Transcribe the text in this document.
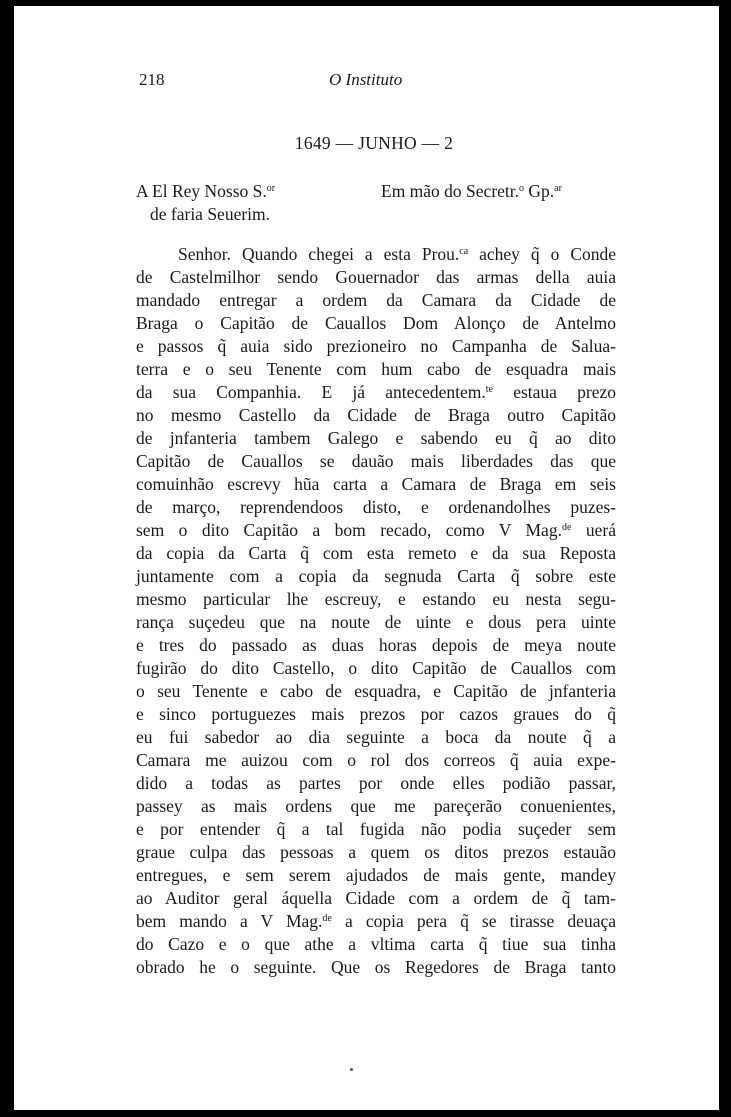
218	O Instituto
1649 — JUNHO — 2
A El Rey Nosso S.$^{or}$
de faria Seuerim.
Em mão do Secretr.$^o$ Gp.$^{ar}$
Senhor. Quando chegei a esta Prou.$^{ca}$ achey q̃ o Conde
de Castelmilhor sendo Gouernador das armas della auia
mandado entregar a ordem da Camara da Cidade de
Braga o Capitão de Cauallos Dom Alonço de Antelmo
e passos q̃ auia sido prezioneiro no Campanha de Salua-
terra e o seu Tenente com hum cabo de esquadra mais
da sua Companhia. E já antecedentem.$^{te}$ estaua prezo
no mesmo Castello da Cidade de Braga outro Capitão
de jnfanteria tambem Galego e sabendo eu q̃ ao dito
Capitão de Cauallos se dauão mais liberdades das que
comuinhão escrevy hũa carta a Camara de Braga em seis
de março, reprendendoos disto, e ordenandolhes puzes-
sem o dito Capitão a bom recado, como V Mag.$^{de}$ uerá
da copia da Carta q̃ com esta remeto e da sua Reposta
juntamente com a copia da segnuda Carta q̃ sobre este
mesmo particular lhe escreuy, e estando eu nesta segu-
rança suçedeu que na noute de uinte e dous pera uinte
e tres do passado as duas horas depois de meya noute
fugirão do dito Castello, o dito Capitão de Cauallos com
o seu Tenente e cabo de esquadra, e Capitão de jnfanteria
e sinco portuguezes mais prezos por cazos graues do q̃
eu fui sabedor ao dia seguinte a boca da noute q̃ a
Camara me auizou com o rol dos correos q̃ auia expe-
dido a todas as partes por onde elles podião passar,
passey as mais ordens que me pareçerão conuenientes,
e por entender q̃ a tal fugida não podia suçeder sem
graue culpa das pessoas a quem os ditos prezos estauão
entregues, e sem serem ajudados de mais gente, mandey
ao Auditor geral áquella Cidade com a ordem de q̃ tam-
bem mando a V Mag.$^{de}$ a copia pera q̃ se tirasse deuaça
do Cazo e o que athe a vltima carta q̃ tiue sua tinha
obrado he o seguinte. Que os Regedores de Braga tanto
